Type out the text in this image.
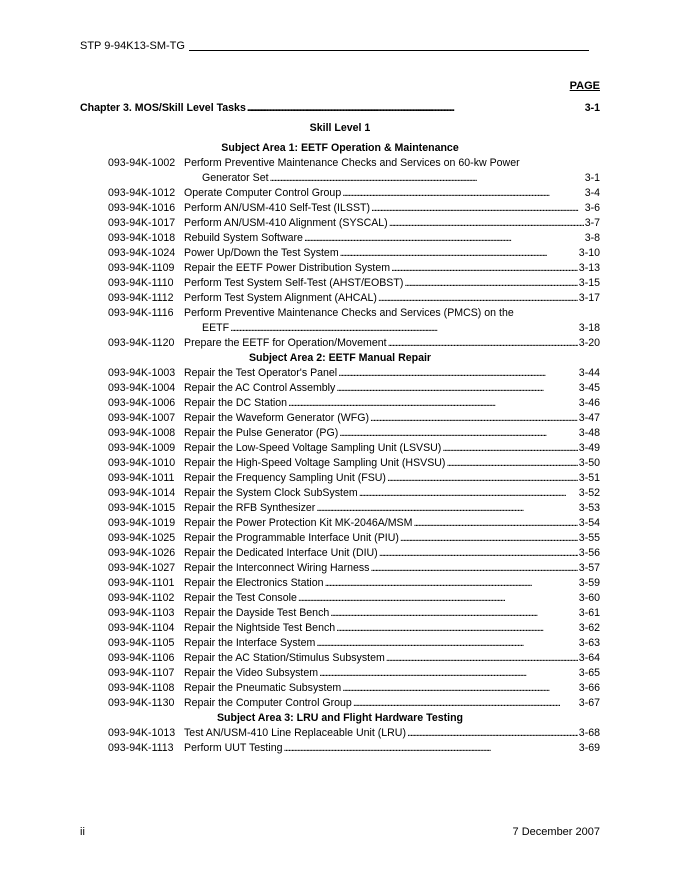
STP 9-94K13-SM-TG
PAGE
Chapter 3. MOS/Skill Level Tasks . . .	3-1
Skill Level 1
Subject Area 1: EETF Operation & Maintenance
093-94K-1002 Perform Preventive Maintenance Checks and Services on 60-kw Power
Generator Set . . .	3-1
093-94K-1012 Operate Computer Control Group . . .	3-4
093-94K-1016 Perform AN/USM-410 Self-Test (ILSST) . . .	3-6
093-94K-1017 Perform AN/USM-410 Alignment (SYSCAL) . . .	3-7
093-94K-1018 Rebuild System Software . . .	3-8
093-94K-1024 Power Up/Down the Test System . . .	3-10
093-94K-1109 Repair the EETF Power Distribution System . . .	3-13
093-94K-1110 Perform Test System Self-Test (AHST/EOBST) . . .	3-15
093-94K-1112 Perform Test System Alignment (AHCAL) . . .	3-17
093-94K-1116 Perform Preventive Maintenance Checks and Services (PMCS) on the
EETF . . .	3-18
093-94K-1120 Prepare the EETF for Operation/Movement . . .	3-20
Subject Area 2: EETF Manual Repair
093-94K-1003 Repair the Test Operator's Panel . . .	3-44
093-94K-1004 Repair the AC Control Assembly . . .	3-45
093-94K-1006 Repair the DC Station . . .	3-46
093-94K-1007 Repair the Waveform Generator (WFG) . . .	3-47
093-94K-1008 Repair the Pulse Generator (PG) . . .	3-48
093-94K-1009 Repair the Low-Speed Voltage Sampling Unit (LSVSU) . . .	3-49
093-94K-1010 Repair the High-Speed Voltage Sampling Unit (HSVSU) . . .	3-50
093-94K-1011 Repair the Frequency Sampling Unit (FSU) . . .	3-51
093-94K-1014 Repair the System Clock SubSystem . . .	3-52
093-94K-1015 Repair the RFB Synthesizer . . .	3-53
093-94K-1019 Repair the Power Protection Kit MK-2046A/MSM . . .	3-54
093-94K-1025 Repair the Programmable Interface Unit (PIU) . . .	3-55
093-94K-1026 Repair the Dedicated Interface Unit (DIU) . . .	3-56
093-94K-1027 Repair the Interconnect Wiring Harness . . .	3-57
093-94K-1101 Repair the Electronics Station . . .	3-59
093-94K-1102 Repair the Test Console . . .	3-60
093-94K-1103 Repair the Dayside Test Bench . . .	3-61
093-94K-1104 Repair the Nightside Test Bench . . .	3-62
093-94K-1105 Repair the Interface System . . .	3-63
093-94K-1106 Repair the AC Station/Stimulus Subsystem . . .	3-64
093-94K-1107 Repair the Video Subsystem . . .	3-65
093-94K-1108 Repair the Pneumatic Subsystem . . .	3-66
093-94K-1130 Repair the Computer Control Group . . .	3-67
Subject Area 3: LRU and Flight Hardware Testing
093-94K-1013 Test AN/USM-410 Line Replaceable Unit (LRU) . . .	3-68
093-94K-1113 Perform UUT Testing . . .	3-69
ii	7 December 2007
